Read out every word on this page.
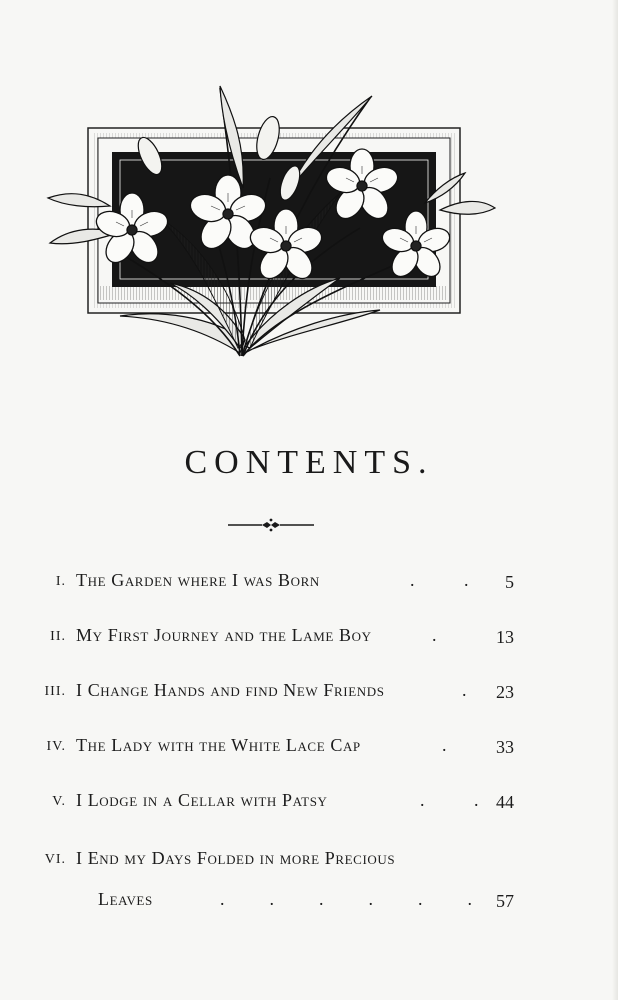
CONTENTS.
I. The Garden where I was Born	.           . 5
II. My First Journey and the Lame Boy	.	13
III. I Change Hands and find New Friends	. 23
IV. The Lady with the White Lace Cap	.	33
V. I Lodge in a Cellar with Patsy	.           . 44
VI. I End my Days Folded in more Precious
Leaves	.          .          .          .          .          . 57
